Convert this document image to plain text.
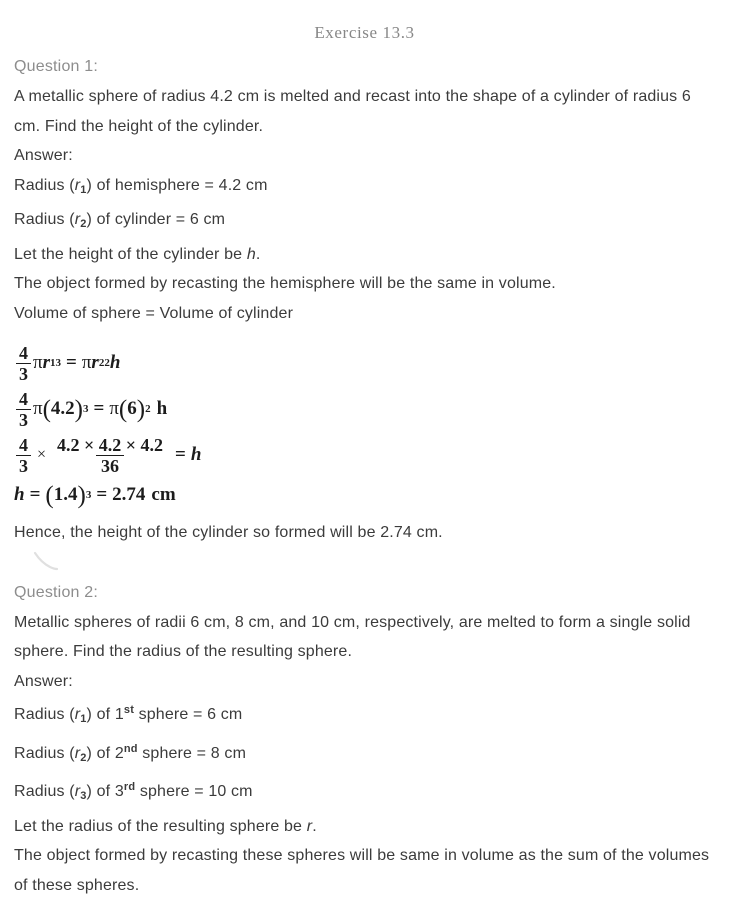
Exercise 13.3
Question 1:
A metallic sphere of radius 4.2 cm is melted and recast into the shape of a cylinder of radius 6 cm. Find the height of the cylinder.
Answer:
Radius $(r_1)$ of hemisphere = 4.2 cm
Radius $(r_2)$ of cylinder = 6 cm
Let the height of the cylinder be h.
The object formed by recasting the hemisphere will be the same in volume.
Volume of sphere = Volume of cylinder
$\frac{4}{3}$ π r 1 3 = π r 2 2 h
$\frac{4}{3}$ π ( 4.2 ) 3 = π ( 6 ) 2 h
$\frac{4}{3} \times \frac{4.2 \times 4.2 \times 4.2}{36} = h$
h = ( 1.4 ) 3 = 2.74 cm
Hence, the height of the cylinder so formed will be 2.74 cm.
Question 2:
Metallic spheres of radii 6 cm, 8 cm, and 10 cm, respectively, are melted to form a single solid sphere. Find the radius of the resulting sphere.
Answer:
Radius $(r_1)$ of 1st sphere = 6 cm
Radius $(r_2)$ of 2nd sphere = 8 cm
Radius $(r_3)$ of 3rd sphere = 10 cm
Let the radius of the resulting sphere be r.
The object formed by recasting these spheres will be same in volume as the sum of the volumes of these spheres.
